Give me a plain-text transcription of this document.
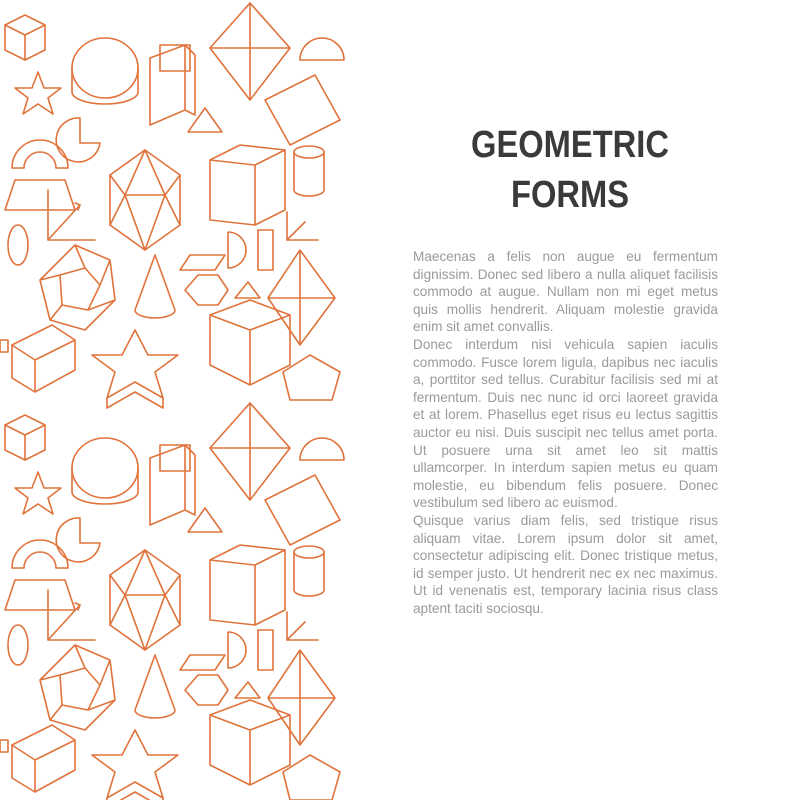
GEOMETRIC
FORMS

Maecenas a felis non augue eu fermentum dignissim. Donec sed libero a nulla aliquet facilisis commodo at augue. Nullam non mi eget metus quis mollis hendrerit. Aliquam molestie gravida enim sit amet convallis.

Donec interdum nisi vehicula sapien iaculis commodo. Fusce lorem ligula, dapibus nec iaculis a, porttitor sed tellus. Curabitur facilisis sed mi at fermentum. Duis nec nunc id orci laoreet gravida et at lorem. Phasellus eget risus eu lectus sagittis auctor eu nisi. Duis suscipit nec tellus amet porta. Ut posuere urna sit amet leo sit mattis ullamcorper. In interdum sapien metus eu quam molestie, eu bibendum felis posuere. Donec vestibulum sed libero ac euismod.

Quisque varius diam felis, sed tristique risus aliquam vitae. Lorem ipsum dolor sit amet, consectetur adipiscing elit. Donec tristique metus, id semper justo. Ut hendrerit nec ex nec maximus. Ut id venenatis est, temporary lacinia risus class aptent taciti sociosqu.
